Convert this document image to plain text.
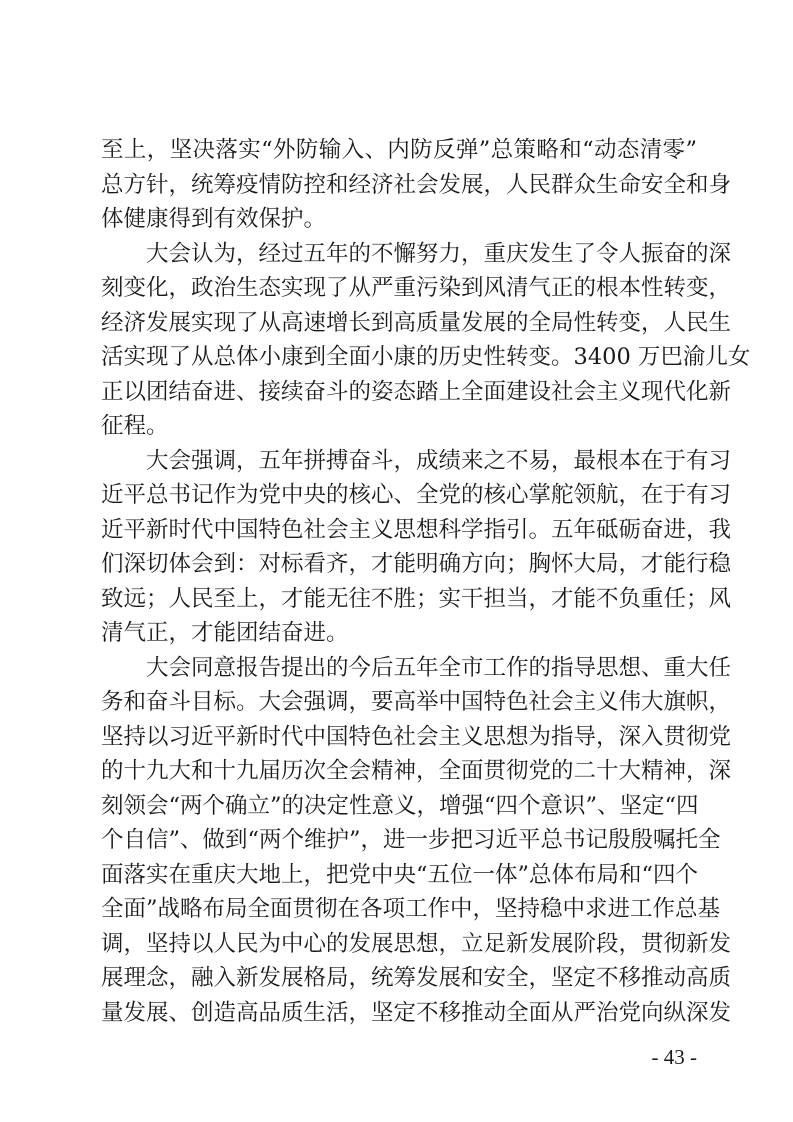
至上，坚决落实“外防输入、内防反弹”总策略和“动态清零”
总方针，统筹疫情防控和经济社会发展，人民群众生命安全和身
体健康得到有效保护。
大会认为，经过五年的不懈努力，重庆发生了令人振奋的深
刻变化，政治生态实现了从严重污染到风清气正的根本性转变，
经济发展实现了从高速增长到高质量发展的全局性转变，人民生
活实现了从总体小康到全面小康的历史性转变。3400 万巴渝儿女
正以团结奋进、接续奋斗的姿态踏上全面建设社会主义现代化新
征程。
大会强调，五年拼搏奋斗，成绩来之不易，最根本在于有习
近平总书记作为党中央的核心、全党的核心掌舵领航，在于有习
近平新时代中国特色社会主义思想科学指引。五年砥砺奋进，我
们深切体会到：对标看齐，才能明确方向；胸怀大局，才能行稳
致远；人民至上，才能无往不胜；实干担当，才能不负重任；风
清气正，才能团结奋进。
大会同意报告提出的今后五年全市工作的指导思想、重大任
务和奋斗目标。大会强调，要高举中国特色社会主义伟大旗帜，
坚持以习近平新时代中国特色社会主义思想为指导，深入贯彻党
的十九大和十九届历次全会精神，全面贯彻党的二十大精神，深
刻领会“两个确立”的决定性意义，增强“四个意识”、坚定“四
个自信”、做到“两个维护”，进一步把习近平总书记殷殷嘱托全
面落实在重庆大地上，把党中央“五位一体”总体布局和“四个
全面”战略布局全面贯彻在各项工作中，坚持稳中求进工作总基
调，坚持以人民为中心的发展思想，立足新发展阶段，贯彻新发
展理念，融入新发展格局，统筹发展和安全，坚定不移推动高质
量发展、创造高品质生活，坚定不移推动全面从严治党向纵深发
- 43 -
